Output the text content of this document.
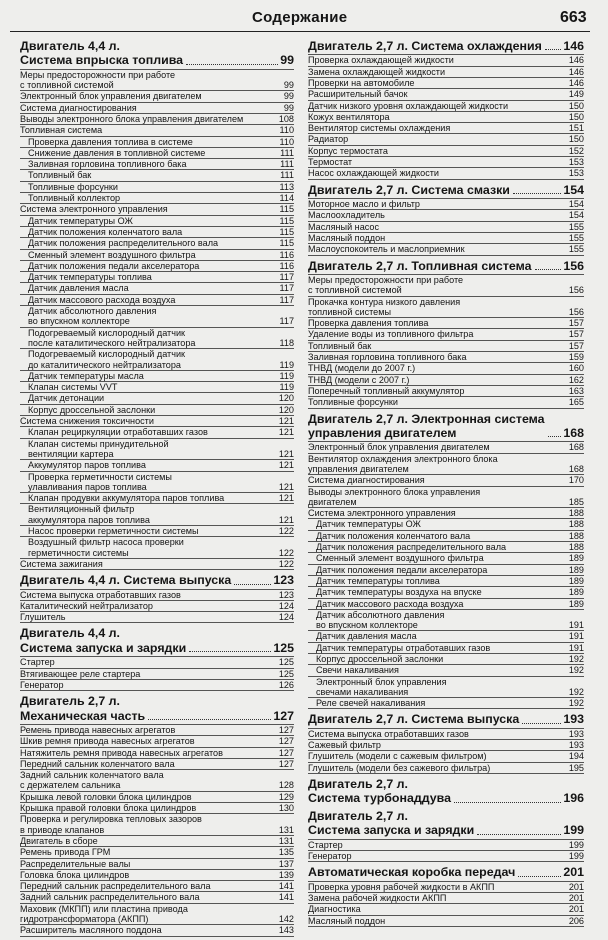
Содержание	663
Двигатель 4,4 л.
Система впрыска топлива	99
Меры предосторожности при работе
с топливной системой	99
Электронный блок управления двигателем	99
Система диагностирования	99
Выводы электронного блока управления двигателем	108
Топливная система	110
Проверка давления топлива в системе	110
Снижение давления в топливной системе	111
Заливная горловина топливного бака	111
Топливный бак	111
Топливные форсунки	113
Топливный коллектор	114
Система электронного управления	115
Датчик температуры ОЖ	115
Датчик положения коленчатого вала	115
Датчик положения распределительного вала	115
Сменный элемент воздушного фильтра	116
Датчик положения педали акселератора	116
Датчик температуры топлива	117
Датчик давления масла	117
Датчик массового расхода воздуха	117
Датчик абсолютного давления
во впускном коллекторе	117
Подогреваемый кислородный датчик
после каталитического нейтрализатора	118
Подогреваемый кислородный датчик
до каталитического нейтрализатора	119
Датчик температуры масла	119
Клапан системы VVT	119
Датчик детонации	120
Корпус дроссельной заслонки	120
Система снижения токсичности	121
Клапан рециркуляции отработавших газов	121
Клапан системы принудительной
вентиляции картера	121
Аккумулятор паров топлива	121
Проверка герметичности системы
улавливания паров топлива	121
Клапан продувки аккумулятора паров топлива	121
Вентиляционный фильтр
аккумулятора паров топлива	121
Насос проверки герметичности системы	122
Воздушный фильтр насоса проверки
герметичности системы	122
Система зажигания	122
Двигатель 4,4 л. Система выпуска	123
Система выпуска отработавших газов	123
Каталитический нейтрализатор	124
Глушитель	124
Двигатель 4,4 л.
Система запуска и зарядки	125
Стартер	125
Втягивающее реле стартера	125
Генератор	126
Двигатель 2,7 л.
Механическая часть	127
Ремень привода навесных агрегатов	127
Шкив ремня привода навесных агрегатов	127
Натяжитель ремня привода навесных агрегатов	127
Передний сальник коленчатого вала	127
Задний сальник коленчатого вала
с держателем сальника	128
Крышка левой головки блока цилиндров	129
Крышка правой головки блока цилиндров	130
Проверка и регулировка тепловых зазоров
в приводе клапанов	131
Двигатель в сборе	131
Ремень привода ГРМ	135
Распределительные валы	137
Головка блока цилиндров	139
Передний сальник распределительного вала	141
Задний сальник распределительного вала	141
Маховик (МКПП) или пластина привода
гидротрансформатора (АКПП)	142
Расширитель масляного поддона	143
Двигатель 2,7 л. Система охлаждения 146
Проверка охлаждающей жидкости	146
Замена охлаждающей жидкости	146
Проверки на автомобиле	146
Расширительный бачок	149
Датчик низкого уровня охлаждающей жидкости	150
Кожух вентилятора	150
Вентилятор системы охлаждения	151
Радиатор	150
Корпус термостата	152
Термостат	153
Насос охлаждающей жидкости	153
Двигатель 2,7 л. Система смазки	154
Моторное масло и фильтр	154
Маслоохладитель	154
Масляный насос	155
Масляный поддон	155
Маслоуспокоитель и маслоприемник	155
Двигатель 2,7 л. Топливная система	156
Меры предосторожности при работе
с топливной системой	156
Прокачка контура низкого давления
топливной системы	156
Проверка давления топлива	157
Удаление воды из топливного фильтра	157
Топливный бак	157
Заливная горловина топливного бака	159
ТНВД (модели до 2007 г.)	160
ТНВД (модели с 2007 г.)	162
Поперечный топливный аккумулятор	163
Топливные форсунки	165
Двигатель 2,7 л. Электронная система
управления двигателем	168
Электронный блок управления двигателем	168
Вентилятор охлаждения электронного блока
управления двигателем	168
Система диагностирования	170
Выводы электронного блока управления
двигателем	185
Система электронного управления	188
Датчик температуры ОЖ	188
Датчик положения коленчатого вала	188
Датчик положения распределительного вала	188
Сменный элемент воздушного фильтра	189
Датчик положения педали акселератора	189
Датчик температуры топлива	189
Датчик температуры воздуха на впуске	189
Датчик массового расхода воздуха	189
Датчик абсолютного давления
во впускном коллекторе	191
Датчик давления масла	191
Датчик температуры отработавших газов	191
Корпус дроссельной заслонки	192
Свечи накаливания	192
Электронный блок управления
свечами накаливания	192
Реле свечей накаливания	192
Двигатель 2,7 л. Система выпуска	193
Система выпуска отработавших газов	193
Сажевый фильтр	193
Глушитель (модели с сажевым фильтром)	194
Глушитель (модели без сажевого фильтра)	195
Двигатель 2,7 л.
Система турбонаддува	196
Двигатель 2,7 л.
Система запуска и зарядки	199
Стартер	199
Генератор	199
Автоматическая коробка передач	201
Проверка уровня рабочей жидкости в АКПП	201
Замена рабочей жидкости АКПП	201
Диагностика	201
Масляный поддон	206
